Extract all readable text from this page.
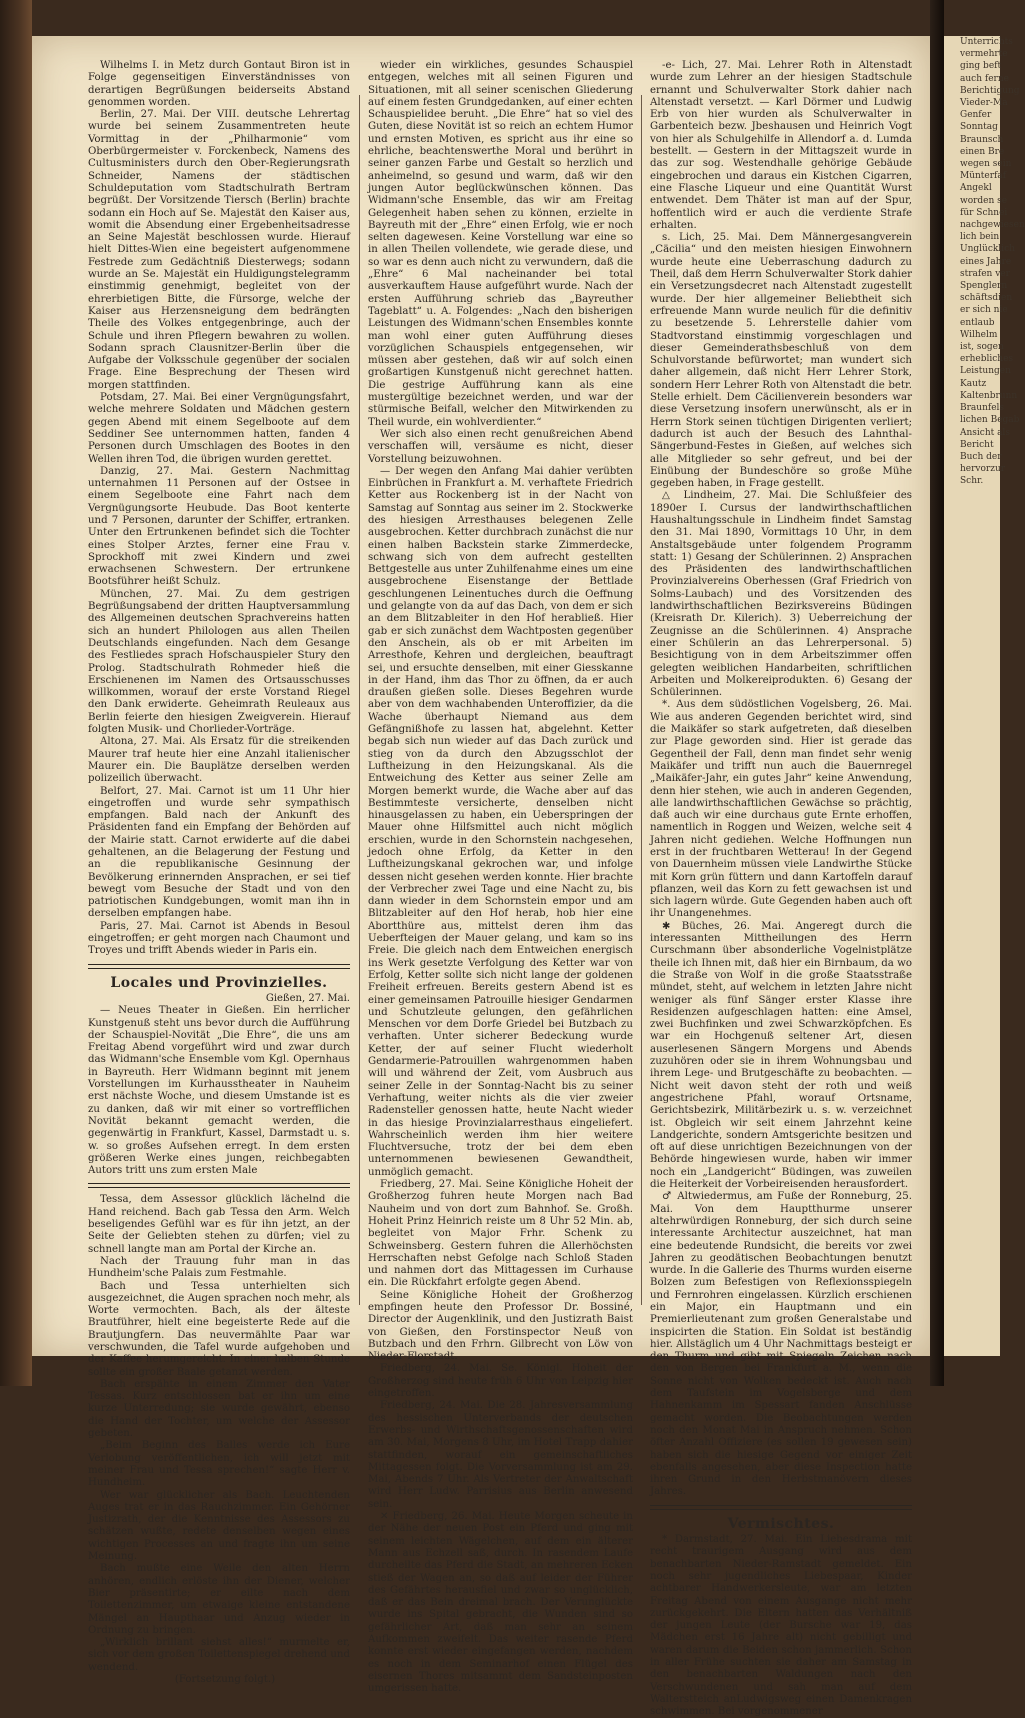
Wilhelms I. in Metz durch Gontaut Biron ist in Folge gegenseitigen Einverständnisses von derartigen Begrüßungen beiderseits Abstand genommen worden.

Berlin, 27. Mai. Der VIII. deutsche Lehrertag wurde bei seinem Zusammentreten heute Vormittag in der „Philharmonie“ vom Oberbürgermeister v. Forckenbeck, Namens des Cultusministers durch den Ober-Regierungsrath Schneider, Namens der städtischen Schuldeputation vom Stadtschulrath Bertram begrüßt. Der Vorsitzende Tiersch (Berlin) brachte sodann ein Hoch auf Se. Majestät den Kaiser aus, womit die Absendung einer Ergebenheitsadresse an Seine Majestät beschlossen wurde. Hierauf hielt Dittes-Wien eine begeistert aufgenommene Festrede zum Gedächtniß Diesterwegs; sodann wurde an Se. Majestät ein Huldigungstelegramm einstimmig genehmigt, begleitet von der ehrerbietigen Bitte, die Fürsorge, welche der Kaiser aus Herzensneigung dem bedrängten Theile des Volkes entgegenbringe, auch der Schule und ihren Pflegern bewahren zu wollen. Sodann sprach Clausnitzer-Berlin über die Aufgabe der Volksschule gegenüber der socialen Frage. Eine Besprechung der Thesen wird morgen stattfinden.

Potsdam, 27. Mai. Bei einer Vergnügungsfahrt, welche mehrere Soldaten und Mädchen gestern gegen Abend mit einem Segelboote auf dem Seddiner See unternommen hatten, fanden 4 Personen durch Umschlagen des Bootes in den Wellen ihren Tod, die übrigen wurden gerettet.

Danzig, 27. Mai. Gestern Nachmittag unternahmen 11 Personen auf der Ostsee in einem Segelboote eine Fahrt nach dem Vergnügungsorte Heubude. Das Boot kenterte und 7 Personen, darunter der Schiffer, ertranken. Unter den Ertrunkenen befindet sich die Tochter eines Stolper Arztes, ferner eine Frau v. Sprockhoff mit zwei Kindern und zwei erwachsenen Schwestern. Der ertrunkene Bootsführer heißt Schulz.

München, 27. Mai. Zu dem gestrigen Begrüßungsabend der dritten Hauptversammlung des Allgemeinen deutschen Sprachvereins hatten sich an hundert Philologen aus allen Theilen Deutschlands eingefunden. Nach dem Gesange des Festliedes sprach Hofschauspieler Stury den Prolog. Stadtschulrath Rohmeder hieß die Erschienenen im Namen des Ortsausschusses willkommen, worauf der erste Vorstand Riegel den Dank erwiderte. Geheimrath Reuleaux aus Berlin feierte den hiesigen Zweigverein. Hierauf folgten Musik- und Chorlieder-Vorträge.

Altona, 27. Mai. Als Ersatz für die streikenden Maurer traf heute hier eine Anzahl italienischer Maurer ein. Die Bauplätze derselben werden polizeilich überwacht.

Belfort, 27. Mai. Carnot ist um 11 Uhr hier eingetroffen und wurde sehr sympathisch empfangen. Bald nach der Ankunft des Präsidenten fand ein Empfang der Behörden auf der Mairie statt. Carnot erwiderte auf die dabei gehaltenen, an die Belagerung der Festung und an die republikanische Gesinnung der Bevölkerung erinnernden Ansprachen, er sei tief bewegt vom Besuche der Stadt und von den patriotischen Kundgebungen, womit man ihn in derselben empfangen habe.

Paris, 27. Mai. Carnot ist Abends in Besoul eingetroffen; er geht morgen nach Chaumont und Troyes und trifft Abends wieder in Paris ein.

Locales und Provinzielles.
Gießen, 27. Mai.

— Neues Theater in Gießen. Ein herrlicher Kunstgenuß steht uns bevor durch die Aufführung der Schauspiel-Novität „Die Ehre“, die uns am Freitag Abend vorgeführt wird und zwar durch das Widmann'sche Ensemble vom Kgl. Opernhaus in Bayreuth. Herr Widmann beginnt mit jenem Vorstellungen im Kurhausstheater in Nauheim erst nächste Woche, und diesem Umstande ist es zu danken, daß wir mit einer so vortrefflichen Novität bekannt gemacht werden, die gegenwärtig in Frankfurt, Kassel, Darmstadt u. s. w. so großes Aufsehen erregt. In dem ersten größeren Werke eines jungen, reichbegabten Autors tritt uns zum ersten Male

Tessa, dem Assessor glücklich lächelnd die Hand reichend. Bach gab Tessa den Arm. Welch beseligendes Gefühl war es für ihn jetzt, an der Seite der Geliebten stehen zu dürfen; viel zu schnell langte man am Portal der Kirche an.

Nach der Trauung fuhr man in das Hundheim'sche Palais zum Festmahle.

Bach und Tessa unterhielten sich ausgezeichnet, die Augen sprachen noch mehr, als Worte vermochten. Bach, als der älteste Brautführer, hielt eine begeisterte Rede auf die Brautjungfern. Das neuvermählte Paar war verschwunden, die Tafel wurde aufgehoben und der Kaffee herumgereicht. In einer halben Stunde sollte ein großer Baale getanzt werden.

Bach erspähte in einem Zimmer den Vater Tessas. Kurz entschlossen bat er ihn um eine kurze Unterredung; sie wurde gewährt, ebenso die Hand der Tochter, um welche der Assessor gebeten.

„Beim Beginn des Balles werde ich Eure Verlobung veröffentlichen, ich will jetzt mit meiner Frau und Tessa sprechen!“ sagte Herr v. Hundheim.

Wer war glücklicher als Bach. Leuchtenden Auges trat er in das Rauchzimmer. Ein Gehörner Justizrath, der die Kenntnisse des Assessors zu schätzen wußte, redete denselben wegen eines wichtigen Processes an und fragte ihn um seine Meinung.

Bach mußte eine Weile den alten Herrn anhören, endlich erlöste ihn der Diener, welcher Bier präsentirte; er eilte nach dem Toilettenzimmer, um etwaige kleine entstandene Mängel an Haupthaar und Anzug wieder in Ordnung zu bringen.

„Wirklich brillant siehst alles!“ murmelte er, sich vor dem großen Toilettenspiegel drehend und wendend.

(Fortsetzung folgt.)

wieder ein wirkliches, gesundes Schauspiel entgegen, welches mit all seinen Figuren und Situationen, mit all seiner scenischen Gliederung auf einem festen Grundgedanken, auf einer echten Schauspielidee beruht. „Die Ehre“ hat so viel des Guten, diese Novität ist so reich an echtem Humor und ernsten Motiven, es spricht aus ihr eine so ehrliche, beachtenswerthe Moral und berührt in seiner ganzen Farbe und Gestalt so herzlich und anheimelnd, so gesund und warm, daß wir den jungen Autor beglückwünschen können. Das Widmann'sche Ensemble, das wir am Freitag Gelegenheit haben sehen zu können, erzielte in Bayreuth mit der „Ehre“ einen Erfolg, wie er noch selten dagewesen. Keine Vorstellung war eine so in allen Theilen vollendete, wie gerade diese, und so war es denn auch nicht zu verwundern, daß die „Ehre“ 6 Mal nacheinander bei total ausverkauftem Hause aufgeführt wurde. Nach der ersten Aufführung schrieb das „Bayreuther Tageblatt“ u. A. Folgendes: „Nach den bisherigen Leistungen des Widmann'schen Ensembles konnte man wohl einer guten Aufführung dieses vorzüglichen Schauspiels entgegensehen, wir müssen aber gestehen, daß wir auf solch einen großartigen Kunstgenuß nicht gerechnet hatten. Die gestrige Aufführung kann als eine mustergültige bezeichnet werden, und war der stürmische Beifall, welcher den Mitwirkenden zu Theil wurde, ein wohlverdienter.“

Wer sich also einen recht genußreichen Abend verschaffen will, versäume es nicht, dieser Vorstellung beizuwohnen.

— Der wegen den Anfang Mai dahier verübten Einbrüchen in Frankfurt a. M. verhaftete Friedrich Ketter aus Rockenberg ist in der Nacht von Samstag auf Sonntag aus seiner im 2. Stockwerke des hiesigen Arresthauses belegenen Zelle ausgebrochen. Ketter durchbrach zunächst die nur einen halben Backstein starke Zimmerdecke, schwang sich von dem aufrecht gestellten Bettgestelle aus unter Zuhilfenahme eines um eine ausgebrochene Eisenstange der Bettlade geschlungenen Leinentuches durch die Oeffnung und gelangte von da auf das Dach, von dem er sich an dem Blitzableiter in den Hof herabließ. Hier gab er sich zunächst dem Wachtposten gegenüber den Anschein, als ob er mit Arbeiten im Arresthofe, Kehren und dergleichen, beauftragt sei, und ersuchte denselben, mit einer Giesskanne in der Hand, ihm das Thor zu öffnen, da er auch draußen gießen solle. Dieses Begehren wurde aber von dem wachhabenden Unteroffizier, da die Wache überhaupt Niemand aus dem Gefängnißhofe zu lassen hat, abgelehnt. Ketter begab sich nun wieder auf das Dach zurück und stieg von da durch den Abzugsschlot der Luftheizung in den Heizungskanal. Als die Entweichung des Ketter aus seiner Zelle am Morgen bemerkt wurde, die Wache aber auf das Bestimmteste versicherte, denselben nicht hinausgelassen zu haben, ein Ueberspringen der Mauer ohne Hilfsmittel auch nicht möglich erschien, wurde in den Schornstein nachgesehen, jedoch ohne Erfolg, da Ketter in den Luftheizungskanal gekrochen war, und infolge dessen nicht gesehen werden konnte. Hier brachte der Verbrecher zwei Tage und eine Nacht zu, bis dann wieder in dem Schornstein empor und am Blitzableiter auf den Hof herab, hob hier eine Abortthüre aus, mittelst deren ihm das Ueberfteigen der Mauer gelang, und kam so ins Freie. Die gleich nach dem Entweichen energisch ins Werk gesetzte Verfolgung des Ketter war von Erfolg, Ketter sollte sich nicht lange der goldenen Freiheit erfreuen. Bereits gestern Abend ist es einer gemeinsamen Patrouille hiesiger Gendarmen und Schutzleute gelungen, den gefährlichen Menschen vor dem Dorfe Griedel bei Butzbach zu verhaften. Unter sicherer Bedeckung wurde Ketter, der auf seiner Flucht wiederholt Gendarmerie-Patrouillen wahrgenommen haben will und während der Zeit, vom Ausbruch aus seiner Zelle in der Sonntag-Nacht bis zu seiner Verhaftung, weiter nichts als die vier zweier Radensteller genossen hatte, heute Nacht wieder in das hiesige Provinzialarresthaus eingeliefert. Wahrscheinlich werden ihm hier weitere Fluchtversuche, trotz der bei dem eben unternommenen bewiesenen Gewandtheit, unmöglich gemacht.

Friedberg, 27. Mai. Seine Königliche Hoheit der Großherzog fuhren heute Morgen nach Bad Nauheim und von dort zum Bahnhof. Se. Großh. Hoheit Prinz Heinrich reiste um 8 Uhr 52 Min. ab, begleitet von Major Frhr. Schenk zu Schweinsberg. Gestern fuhren die Allerhöchsten Herrschaften nebst Gefolge nach Schloß Staden und nahmen dort das Mittagessen im Curhause ein. Die Rückfahrt erfolgte gegen Abend.

Seine Königliche Hoheit der Großherzog empfingen heute den Professor Dr. Bossiné, Director der Augenklinik, und den Justizrath Baist von Gießen, den Forstinspector Neuß von Butzbach und den Frhrn. Gilbrecht von Löw von Nieder-Florstadt.

Friedberg, 24. Mai. Se. Königl. Hoheit der Großherzog sind heute früh 6 Uhr von Leipzig hier eingetroffen.

Friedberg, 24. Mai. Die 28. Jahresversammlung des hessischen Unterverbands der deutschen Erwerbs- und Wirthschaftsgenossenschaften wird am 30. Mai, Morgens 8 Uhr, im Hotel Trapp dahier stattfinden, worauf ein gemeinschaftliches Mittagessen folgt. Die Vorversammlung ist am 29. Mai, Abends 7 Uhr. Als Vertreter der Anwaltschaft wird Herr Ludw. Parrisius aus Berlin anwesend sein.

✕ Friedberg, 26. Mai. Heute Morgen scheute in der Nähe der neuen Post ein Pferd und ging mit seinem leichten Wägelchen, auf dem ein älterer Mann aus Echzell saß, durch. In rasendem Laufe durcheilte das Pferd die Stadt, an mehreren Ecken stieß der Wagen an, so daß auf leider der Führer des Gefährtes herausfiel und zwar so unglücklich, daß er das Bein dreimal brach. Der Verunglückte wurde ins Spital gebracht, die Wunden sind so gefährlicher Art, daß man sehr an seinem Aufkommen zweifelt. Das weiter rasende Pferd konnte erst wieder eingefangen werden, nachdem es noch in dem Seminarhof einen Flügel des eisernen Thores mitsammt dem Sandsteinposten umgerissen hatte.

-e- Lich, 27. Mai. Lehrer Roth in Altenstadt wurde zum Lehrer an der hiesigen Stadtschule ernannt und Schulverwalter Stork dahier nach Altenstadt versetzt. — Karl Dörmer und Ludwig Erb von hier wurden als Schulverwalter in Garbenteich bezw. Jbeshausen und Heinrich Vogt von hier als Schulgehilfe in Allendorf a. d. Lumda bestellt. — Gestern in der Mittagszeit wurde in das zur sog. Westendhalle gehörige Gebäude eingebrochen und daraus ein Kistchen Cigarren, eine Flasche Liqueur und eine Quantität Wurst entwendet. Dem Thäter ist man auf der Spur, hoffentlich wird er auch die verdiente Strafe erhalten.

s. Lich, 25. Mai. Dem Männergesangverein „Cäcilia“ und den meisten hiesigen Einwohnern wurde heute eine Ueberraschung dadurch zu Theil, daß dem Herrn Schulverwalter Stork dahier ein Versetzungsdecret nach Altenstadt zugestellt wurde. Der hier allgemeiner Beliebtheit sich erfreuende Mann wurde neulich für die definitiv zu besetzende 5. Lehrerstelle dahier vom Stadtvorstand einstimmig vorgeschlagen und dieser Gemeinderathsbeschluß von dem Schulvorstande befürwortet; man wundert sich daher allgemein, daß nicht Herr Lehrer Stork, sondern Herr Lehrer Roth von Altenstadt die betr. Stelle erhielt. Dem Cäcilienverein besonders war diese Versetzung insofern unerwünscht, als er in Herrn Stork seinen tüchtigen Dirigenten verliert; dadurch ist auch der Besuch des Lahnthal-Sängerbund-Festes in Gießen, auf welches sich alle Mitglieder so sehr gefreut, und bei der Einübung der Bundeschöre so große Mühe gegeben haben, in Frage gestellt.

△ Lindheim, 27. Mai. Die Schlußfeier des 1890er I. Cursus der landwirthschaftlichen Haushaltungsschule in Lindheim findet Samstag den 31. Mai 1890, Vormittags 10 Uhr, in dem Anstaltsgebäude unter folgendem Programm statt: 1) Gesang der Schülerinnen. 2) Ansprachen des Präsidenten des landwirthschaftlichen Provinzialvereins Oberhessen (Graf Friedrich von Solms-Laubach) und des Vorsitzenden des landwirthschaftlichen Bezirksvereins Büdingen (Kreisrath Dr. Kilerich). 3) Ueberreichung der Zeugnisse an die Schülerinnen. 4) Ansprache einer Schülerin an das Lehrerpersonal. 5) Besichtigung von in dem Arbeitszimmer offen gelegten weiblichen Handarbeiten, schriftlichen Arbeiten und Molkereiprodukten. 6) Gesang der Schülerinnen.

*. Aus dem südöstlichen Vogelsberg, 26. Mai. Wie aus anderen Gegenden berichtet wird, sind die Maikäfer so stark aufgetreten, daß dieselben zur Plage geworden sind. Hier ist gerade das Gegentheil der Fall, denn man findet sehr wenig Maikäfer und trifft nun auch die Bauernregel „Maikäfer-Jahr, ein gutes Jahr“ keine Anwendung, denn hier stehen, wie auch in anderen Gegenden, alle landwirthschaftlichen Gewächse so prächtig, daß auch wir eine durchaus gute Ernte erhoffen, namentlich in Roggen und Weizen, welche seit 4 Jahren nicht gediehen. Welche Hoffnungen nun erst in der fruchtbaren Wetterau! In der Gegend von Dauernheim müssen viele Landwirthe Stücke mit Korn grün füttern und dann Kartoffeln darauf pflanzen, weil das Korn zu fett gewachsen ist und sich lagern würde. Gute Gegenden haben auch oft ihr Unangenehmes.

✱ Büches, 26. Mai. Angeregt durch die interessanten Mittheilungen des Herrn Curschmann über absonderliche Vogelnistplätze theile ich Ihnen mit, daß hier ein Birnbaum, da wo die Straße von Wolf in die große Staatsstraße mündet, steht, auf welchem in letzten Jahre nicht weniger als fünf Sänger erster Klasse ihre Residenzen aufgeschlagen hatten: eine Amsel, zwei Buchfinken und zwei Schwarzköpfchen. Es war ein Hochgenuß seltener Art, diesen auserlesenen Sängern Morgens und Abends zuzuhören oder sie in ihrem Wohnungsbau und ihrem Lege- und Brutgeschäfte zu beobachten. — Nicht weit davon steht der roth und weiß angestrichene Pfahl, worauf Ortsname, Gerichtsbezirk, Militärbezirk u. s. w. verzeichnet ist. Obgleich wir seit einem Jahrzehnt keine Landgerichte, sondern Amtsgerichte besitzen und oft auf diese unrichtigen Bezeichnungen von der Behörde hingewiesen wurde, haben wir immer noch ein „Landgericht“ Büdingen, was zuweilen die Heiterkeit der Vorbeireisenden herausfordert.

♂ Altwiedermus, am Fuße der Ronneburg, 25. Mai. Von dem Hauptthurme unserer altehrwürdigen Ronneburg, der sich durch seine interessante Architectur auszeichnet, hat man eine bedeutende Rundsicht, die bereits vor zwei Jahren zu geodätischen Beobachtungen benutzt wurde. In die Gallerie des Thurms wurden eiserne Bolzen zum Befestigen von Reflexionsspiegeln und Fernrohren eingelassen. Kürzlich erschienen ein Major, ein Hauptmann und ein Premierlieutenant zum großen Generalstabe und inspicirten die Station. Ein Soldat ist beständig hier. Allstäglich um 4 Uhr Nachmittags besteigt er den Thurm und gibt mit Spiegeln Zeichen nach den von Bergen bei Frankfurt a. M., wenn die Sonne nicht von Wolken bedeckt ist. Auch nach dem Taufstein im Vogelsberge und dem Hahnenkamm im Spessart fanden Anschlüsse gemacht worden. Die Beobachtungen werden noch den Monat Mai in Anspruch nehmen. Schon öfter Anzahl Offiziere (es sollen 19 gewesen sein) haben sich die hiesige Gegend vor einiger Zeit ebenfalls angesehen, aber diese Inspection hatte ihren Grund in den Herbstmanövern dieses Jahres.

Vermischtes.

* Darmstadt, 27. Mai. Ein Liebesdrama mit recht traurigem Ausgang wird aus dem benachbarten Nieder-Ramstadt gemeldet. Ein noch sehr jugendliches Liebespaar, Kinder achtbarer Handwerkersleute, war am letzten Freitag Abend von einem Ausgange nicht mehr zurückgekehrt. Die Eltern hatten das Verhältniß der jungen Leute (der Bursche war 19, das Mädchen erst 16 Jahre alt) nicht gebilligt und waren darum die Beiden schon jammerlich. Schon in aller Frühe suchten sie daher am Samstag in den benachbarten Waldungen nach den Verschwundenen und sah man auf dem Walterstteich anLudwigsweg einen Damenkragen schwimmen. Bei vorgenommener

Unterrichts
vermehrte
ging beft
auch ferne
Berichtigung
Vieder-Ma
Genfer
Sonntag
Braunsch
einen Bre
wegen sein
Münterfaf
Angekl
worden se
für Schnei
nachgewiesen
lich bein
Unglücklich
eines Jahre
strafen ver
Spenglern
schäftsdien
er sich nie
entlaub
Wilhelm
ist, sogen
erhebliches
Leistungen
Kautz
Kaltenbrunn
Braunfels
lichen Begab
Ansicht als
Bericht
Buch der
hervorzur
Schr.
